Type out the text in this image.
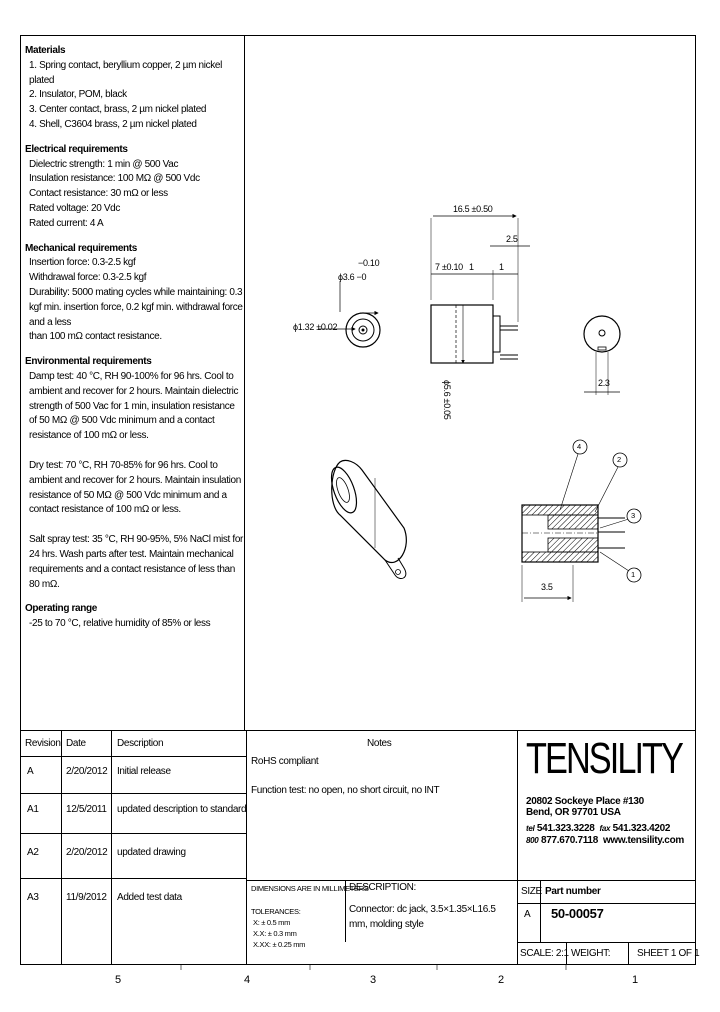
Materials
1. Spring contact, beryllium copper, 2 µm nickel plated
2. Insulator, POM, black
3. Center contact, brass, 2 µm nickel plated
4. Shell, C3604 brass, 2 µm nickel plated
Electrical requirements
Dielectric strength: 1 min @ 500 Vac
Insulation resistance: 100 MΩ @ 500 Vdc
Contact resistance: 30 mΩ or less
Rated voltage: 20 Vdc
Rated current: 4 A
Mechanical requirements
Insertion force: 0.3-2.5 kgf
Withdrawal force: 0.3-2.5 kgf
Durability: 5000 mating cycles while maintaining: 0.3 kgf min. insertion force, 0.2 kgf min. withdrawal force and a less
than 100 mΩ contact resistance.
Environmental requirements
Damp test: 40 °C, RH 90-100% for 96 hrs. Cool to ambient and recover for 2 hours. Maintain dielectric strength of 500 Vac for 1 min, insulation resistance of 50 MΩ @ 500 Vdc minimum and a contact resistance of 100 mΩ or less.
Dry test: 70 °C, RH 70-85% for 96 hrs. Cool to ambient and recover for 2 hours. Maintain insulation resistance of 50 MΩ @ 500 Vdc minimum and a contact resistance of 100 mΩ or less.
Salt spray test: 35 °C, RH 90-95%, 5% NaCl mist for 24 hrs. Wash parts after test. Maintain mechanical requirements and a contact resistance of less than 80 mΩ.
Operating range
-25 to 70 °C, relative humidity of 85% or less
16.5 ±0.50
2.5
7 ±0.10 1	1
−0.10
ϕ3.6 −0
ϕ1.32 ±0.02
ϕ5.6 ±0.05	2.3
3.5
4
2
3
1
Revision Date	Description
A	2/20/2012 Initial release
A1	12/5/2011 updated description to standard
A2	2/20/2012 updated drawing
A3	11/9/2012 Added test data
Notes
RoHS compliant
Function test: no open, no short circuit, no INT
TENSILITY
20802 Sockeye Place #130
Bend, OR 97701 USA
tel 541.323.3228 fax 541.323.4202
800 877.670.7118 www.tensility.com
DIMENSIONS ARE IN MILLIMETERS
TOLERANCES:
X: ± 0.5 mm
X.X: ± 0.3 mm
X.XX: ± 0.25 mm
DESCRIPTION:
Connector: dc jack, 3.5×1.35×L16.5 mm, molding style
SIZE
A
Part number
50-00057
SCALE: 2:1 WEIGHT:	SHEET 1 OF 1
5	4	3	2	1
